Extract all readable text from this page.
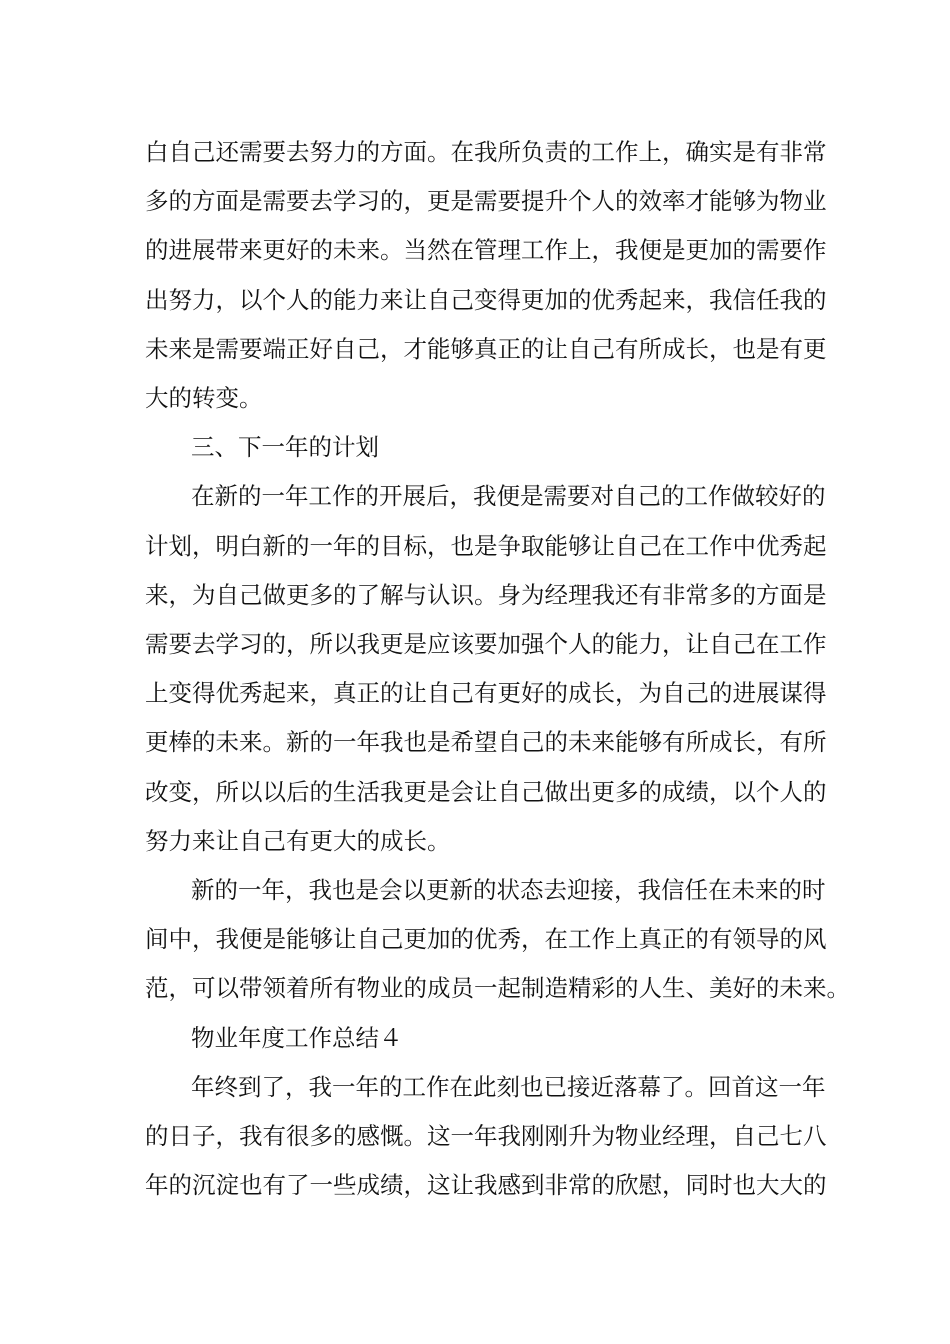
白自己还需要去努力的方面。在我所负责的工作上，确实是有非常
多的方面是需要去学习的，更是需要提升个人的效率才能够为物业
的进展带来更好的未来。当然在管理工作上，我便是更加的需要作
出努力，以个人的能力来让自己变得更加的优秀起来，我信任我的
未来是需要端正好自己，才能够真正的让自己有所成长，也是有更
大的转变。
三、下一年的计划
在新的一年工作的开展后，我便是需要对自己的工作做较好的
计划，明白新的一年的目标，也是争取能够让自己在工作中优秀起
来，为自己做更多的了解与认识。身为经理我还有非常多的方面是
需要去学习的，所以我更是应该要加强个人的能力，让自己在工作
上变得优秀起来，真正的让自己有更好的成长，为自己的进展谋得
更棒的未来。新的一年我也是希望自己的未来能够有所成长，有所
改变，所以以后的生活我更是会让自己做出更多的成绩，以个人的
努力来让自己有更大的成长。
新的一年，我也是会以更新的状态去迎接，我信任在未来的时
间中，我便是能够让自己更加的优秀，在工作上真正的有领导的风
范，可以带领着所有物业的成员一起制造精彩的人生、美好的未来。
物业年度工作总结４
年终到了，我一年的工作在此刻也已接近落幕了。回首这一年
的日子，我有很多的感慨。这一年我刚刚升为物业经理，自己七八
年的沉淀也有了一些成绩，这让我感到非常的欣慰，同时也大大的
